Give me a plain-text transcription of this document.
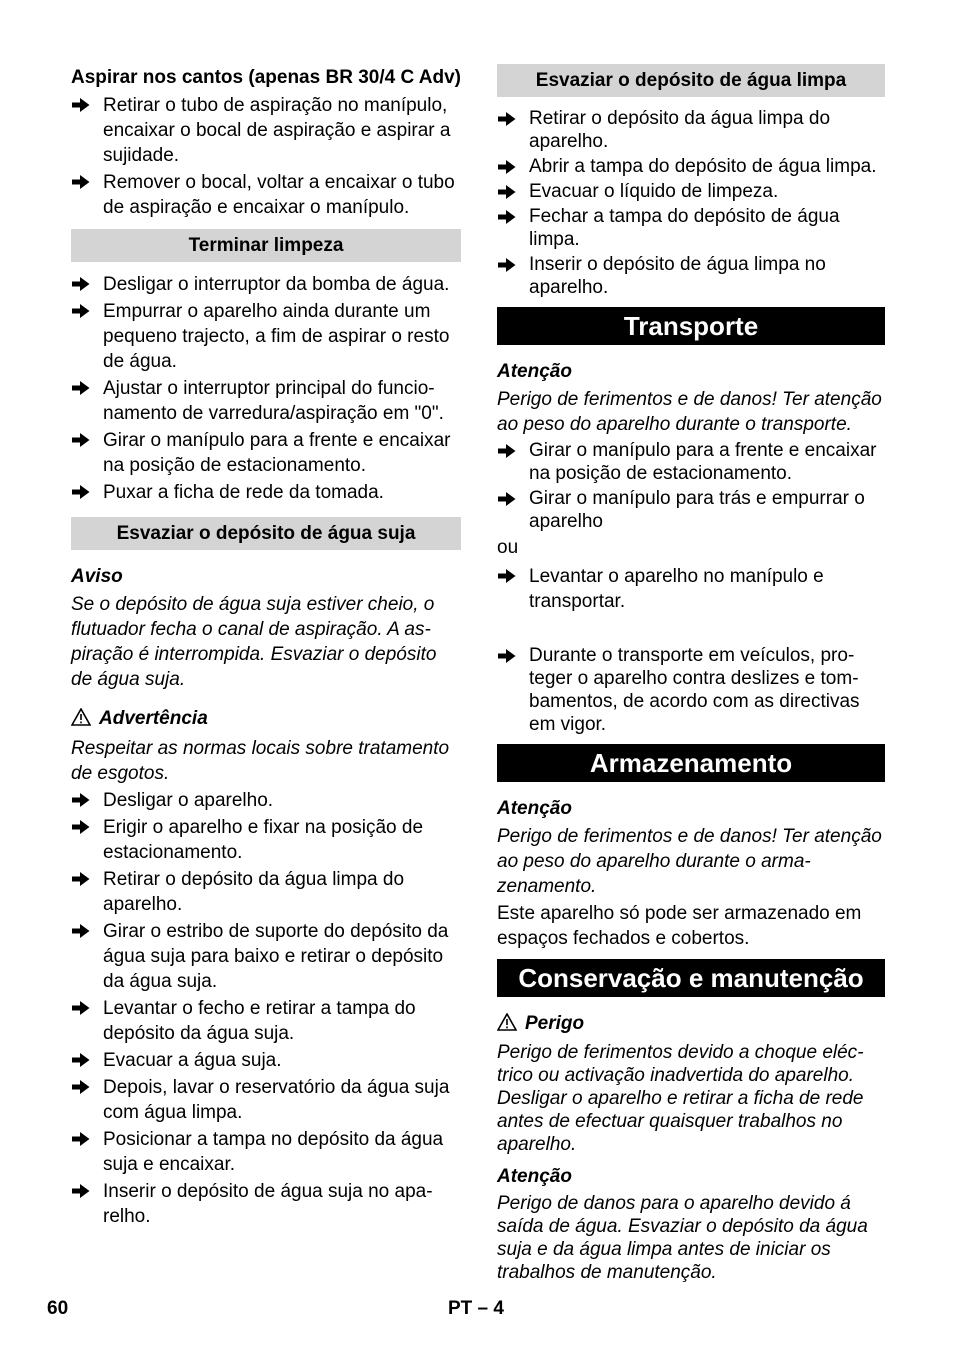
Aspirar nos cantos (apenas BR 30/4 C Adv)
Retirar o tubo de aspiração no manípulo, encaixar o bocal de aspiração e aspirar a sujidade.
Remover o bocal, voltar a encaixar o tubo de aspiração e encaixar o manípulo.
Terminar limpeza
Desligar o interruptor da bomba de água.
Empurrar o aparelho ainda durante um pequeno trajecto, a fim de aspirar o resto de água.
Ajustar o interruptor principal do funcionamento de varredura/aspiração em "0".
Girar o manípulo para a frente e encaixar na posição de estacionamento.
Puxar a ficha de rede da tomada.
Esvaziar o depósito de água suja
Aviso
Se o depósito de água suja estiver cheio, o flutuador fecha o canal de aspiração. A aspiração é interrompida. Esvaziar o depósito de água suja.
Advertência
Respeitar as normas locais sobre tratamento de esgotos.
Desligar o aparelho.
Erigir o aparelho e fixar na posição de estacionamento.
Retirar o depósito da água limpa do aparelho.
Girar o estribo de suporte do depósito da água suja para baixo e retirar o depósito da água suja.
Levantar o fecho e retirar a tampa do depósito da água suja.
Evacuar a água suja.
Depois, lavar o reservatório da água suja com água limpa.
Posicionar a tampa no depósito da água suja e encaixar.
Inserir o depósito de água suja no aparelho.
Esvaziar o depósito de água limpa
Retirar o depósito da água limpa do aparelho.
Abrir a tampa do depósito de água limpa.
Evacuar o líquido de limpeza.
Fechar a tampa do depósito de água limpa.
Inserir o depósito de água limpa no aparelho.
Transporte
Atenção
Perigo de ferimentos e de danos! Ter atenção ao peso do aparelho durante o transporte.
Girar o manípulo para a frente e encaixar na posição de estacionamento.
Girar o manípulo para trás e empurrar o aparelho
ou
Levantar o aparelho no manípulo e transportar.
Durante o transporte em veículos, proteger o aparelho contra deslizes e tombamentos, de acordo com as directivas em vigor.
Armazenamento
Atenção
Perigo de ferimentos e de danos! Ter atenção ao peso do aparelho durante o armazenamento.
Este aparelho só pode ser armazenado em espaços fechados e cobertos.
Conservação e manutenção
Perigo
Perigo de ferimentos devido a choque eléctrico ou activação inadvertida do aparelho. Desligar o aparelho e retirar a ficha de rede antes de efectuar quaisquer trabalhos no aparelho.
Atenção
Perigo de danos para o aparelho devido á saída de água. Esvaziar o depósito da água suja e da água limpa antes de iniciar os trabalhos de manutenção.
60	PT – 4
